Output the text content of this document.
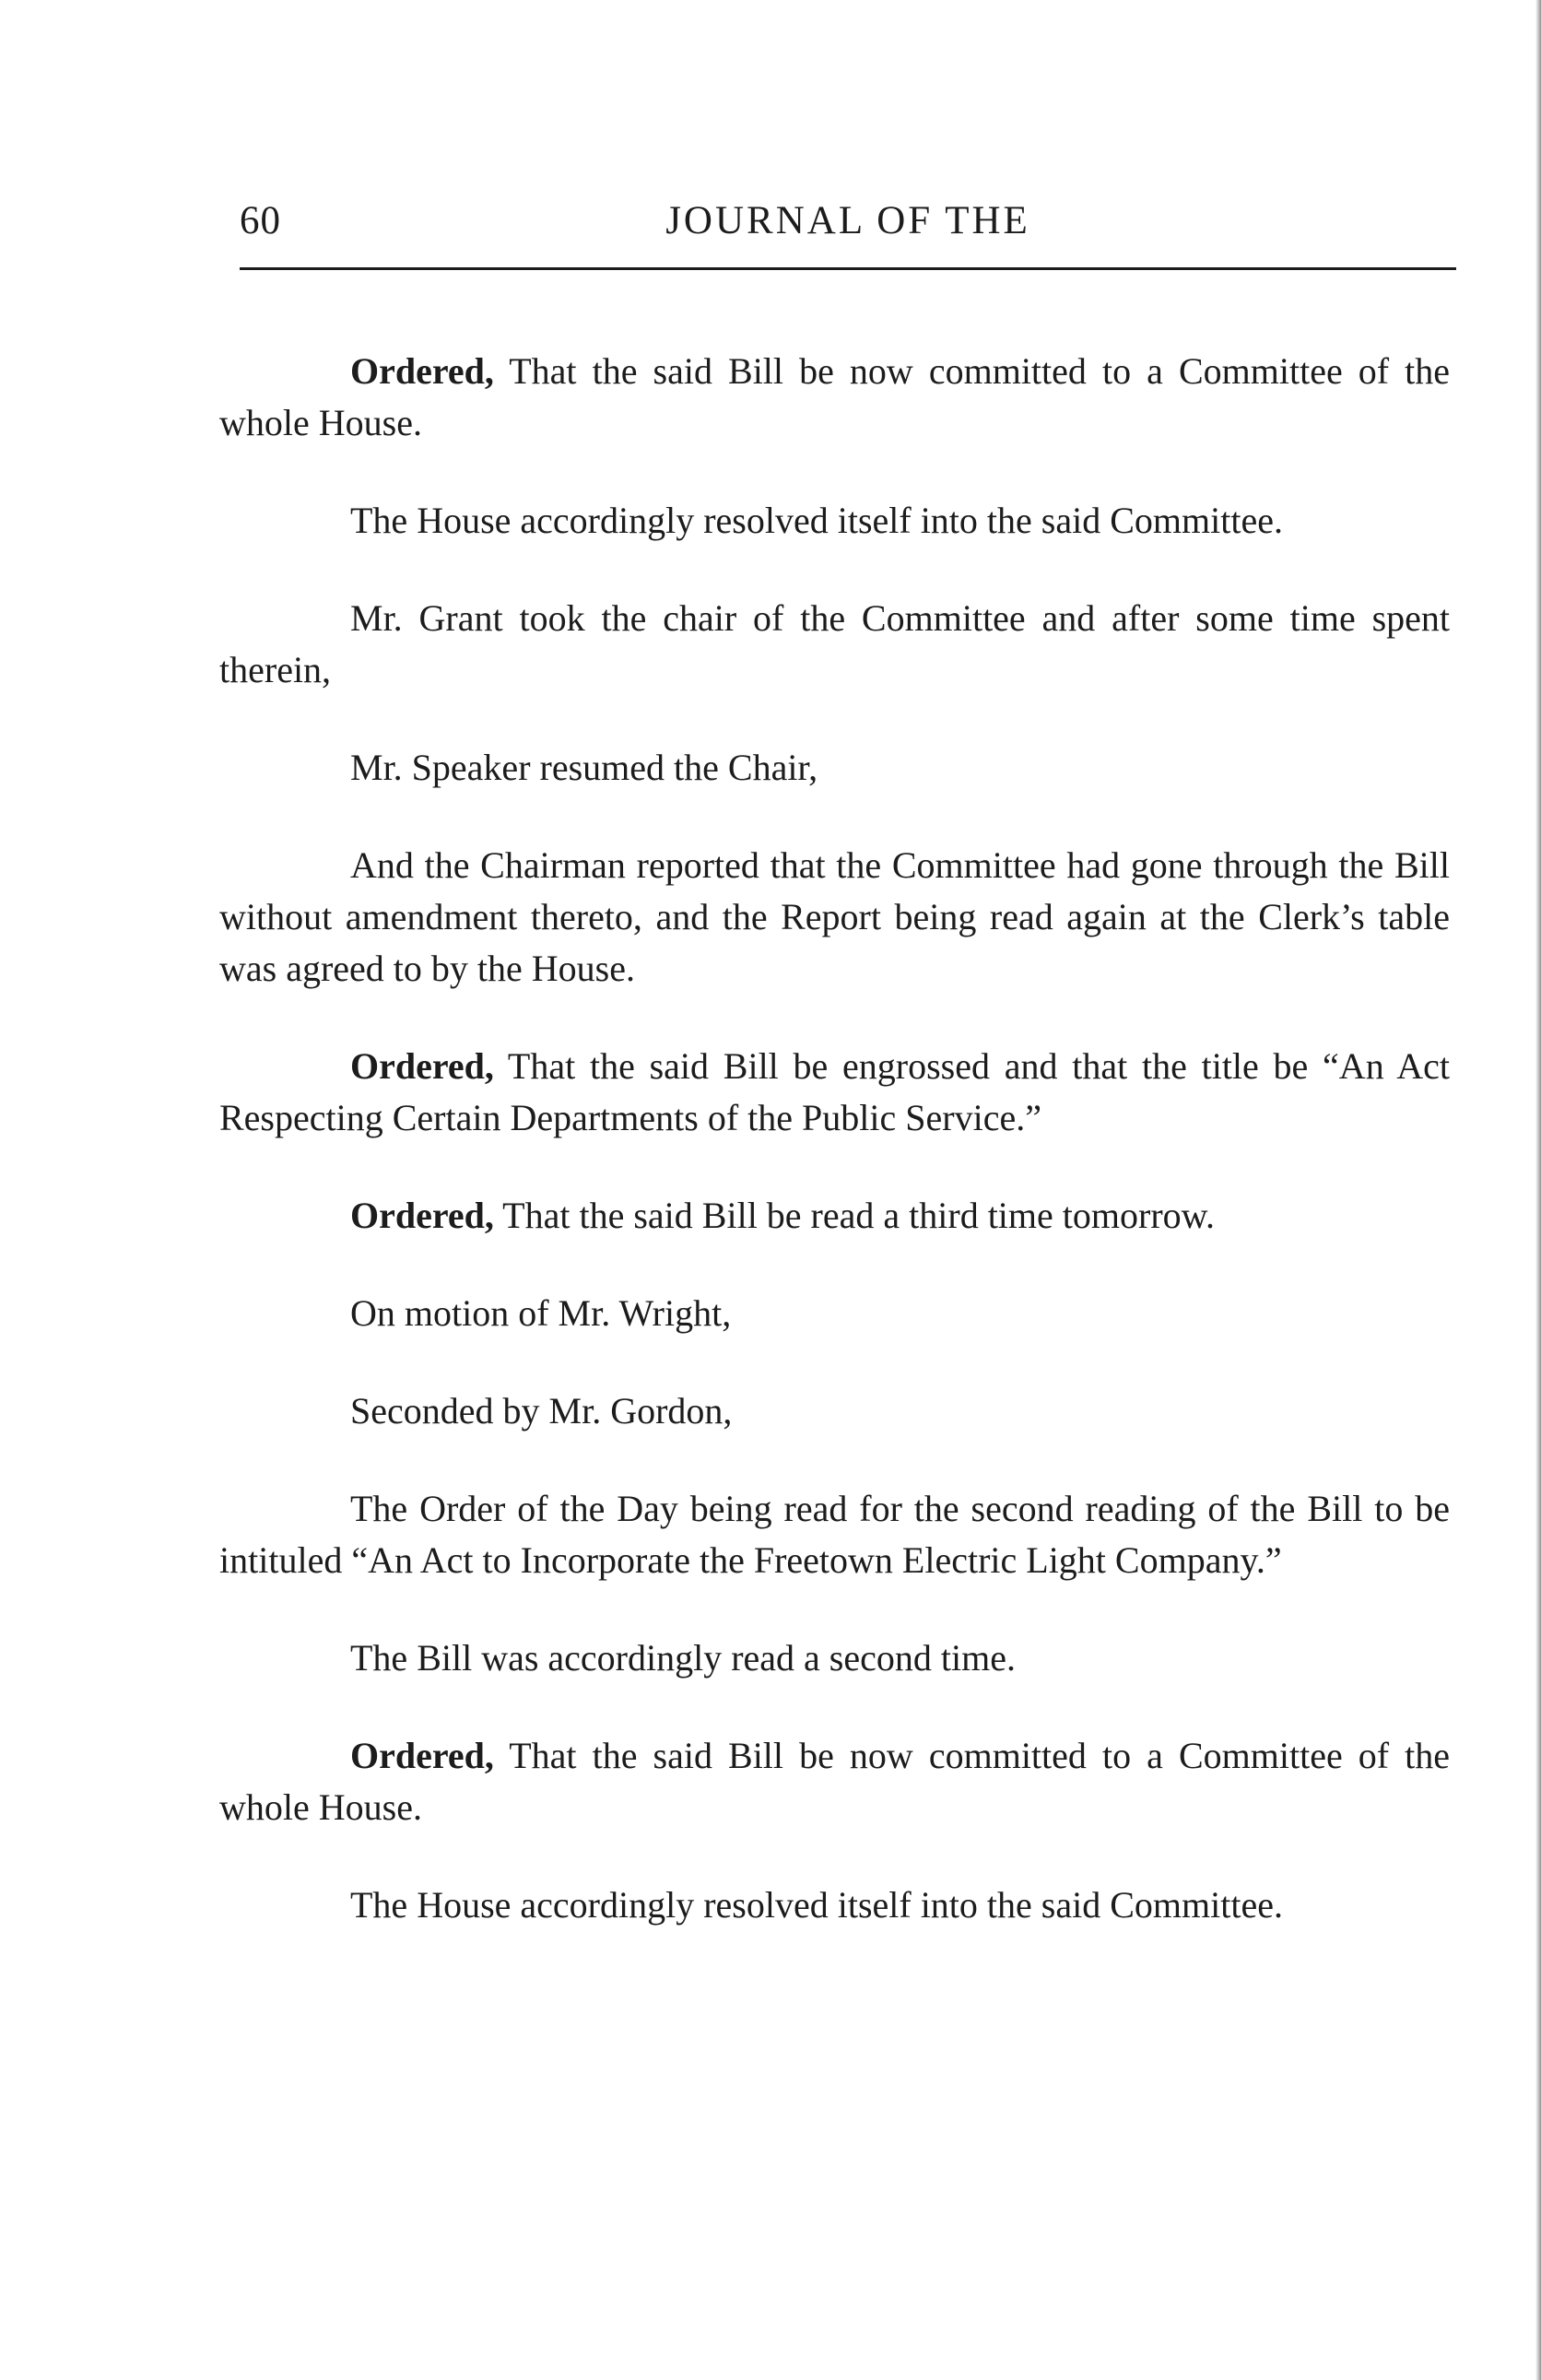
60	JOURNAL OF THE

Ordered, That the said Bill be now committed to a Committee of the whole House.

The House accordingly resolved itself into the said Committee.

Mr. Grant took the chair of the Committee and after some time spent therein,

Mr. Speaker resumed the Chair,

And the Chairman reported that the Committee had gone through the Bill without amendment thereto, and the Report being read again at the Clerk’s table was agreed to by the House.

Ordered, That the said Bill be engrossed and that the title be “An Act Respecting Certain Departments of the Public Service.”

Ordered, That the said Bill be read a third time tomorrow.

On motion of Mr. Wright,

Seconded by Mr. Gordon,

The Order of the Day being read for the second reading of the Bill to be intituled “An Act to Incorporate the Freetown Electric Light Company.”

The Bill was accordingly read a second time.

Ordered, That the said Bill be now committed to a Committee of the whole House.

The House accordingly resolved itself into the said Committee.
